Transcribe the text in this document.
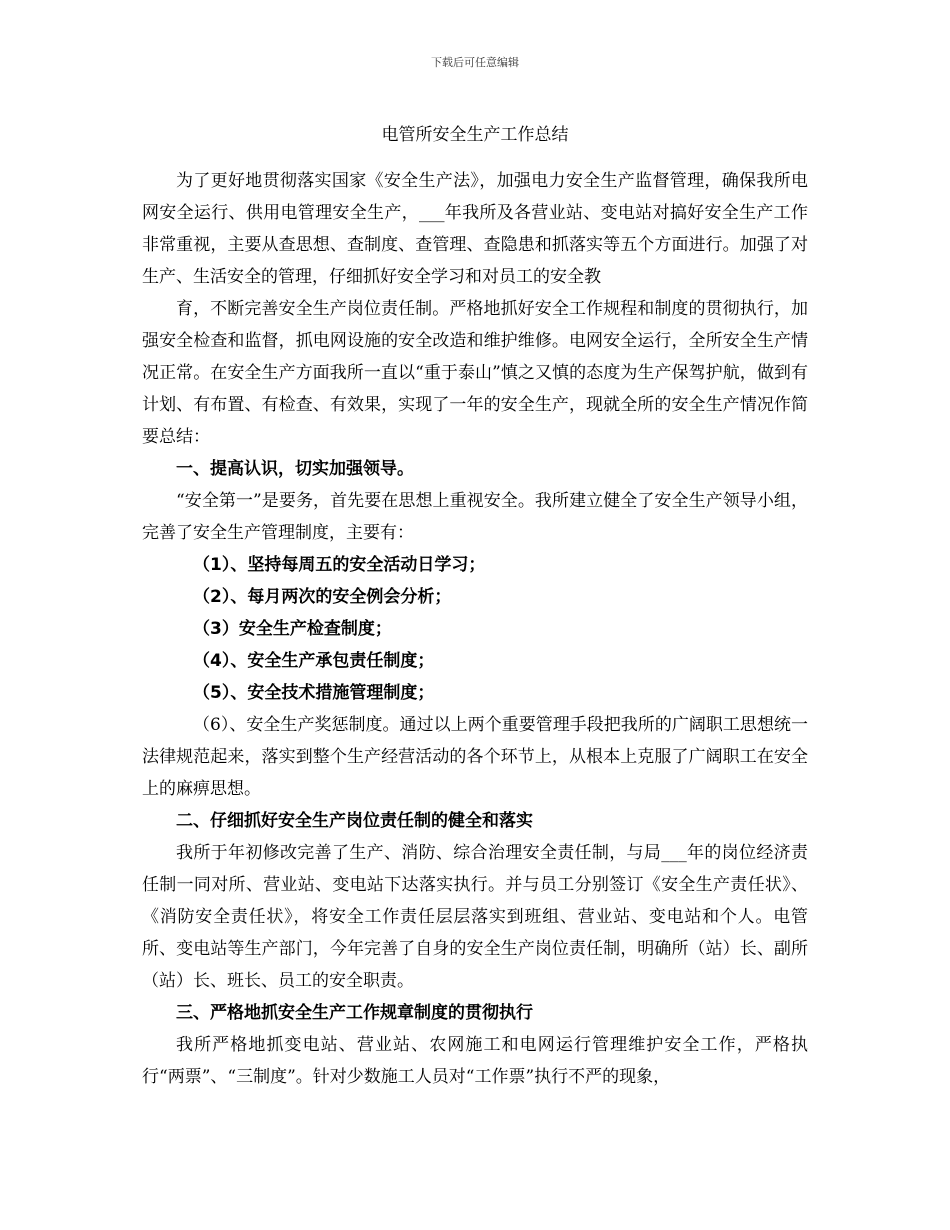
下载后可任意编辑
电管所安全生产工作总结

为了更好地贯彻落实国家《安全生产法》，加强电力安全生产监督管理，确保我所电网安全运行、供用电管理安全生产，___年我所及各营业站、变电站对搞好安全生产工作非常重视，主要从查思想、查制度、查管理、查隐患和抓落实等五个方面进行。加强了对生产、生活安全的管理，仔细抓好安全学习和对员工的安全教

育，不断完善安全生产岗位责任制。严格地抓好安全工作规程和制度的贯彻执行，加强安全检查和监督，抓电网设施的安全改造和维护维修。电网安全运行，全所安全生产情况正常。在安全生产方面我所一直以“重于泰山”慎之又慎的态度为生产保驾护航，做到有计划、有布置、有检查、有效果，实现了一年的安全生产，现就全所的安全生产情况作简要总结：

一、提高认识，切实加强领导。

“安全第一”是要务，首先要在思想上重视安全。我所建立健全了安全生产领导小组，完善了安全生产管理制度，主要有：

（1）、坚持每周五的安全活动日学习；

（2）、每月两次的安全例会分析；

（3）安全生产检查制度；

（4）、安全生产承包责任制度；

（5）、安全技术措施管理制度；

（6）、安全生产奖惩制度。通过以上两个重要管理手段把我所的广阔职工思想统一法律规范起来，落实到整个生产经营活动的各个环节上，从根本上克服了广阔职工在安全上的麻痹思想。

二、仔细抓好安全生产岗位责任制的健全和落实

我所于年初修改完善了生产、消防、综合治理安全责任制，与局___年的岗位经济责任制一同对所、营业站、变电站下达落实执行。并与员工分别签订《安全生产责任状》、《消防安全责任状》，将安全工作责任层层落实到班组、营业站、变电站和个人。电管所、变电站等生产部门，今年完善了自身的安全生产岗位责任制，明确所（站）长、副所（站）长、班长、员工的安全职责。

三、严格地抓安全生产工作规章制度的贯彻执行

我所严格地抓变电站、营业站、农网施工和电网运行管理维护安全工作，严格执行“两票”、“三制度”。针对少数施工人员对“工作票”执行不严的现象，
